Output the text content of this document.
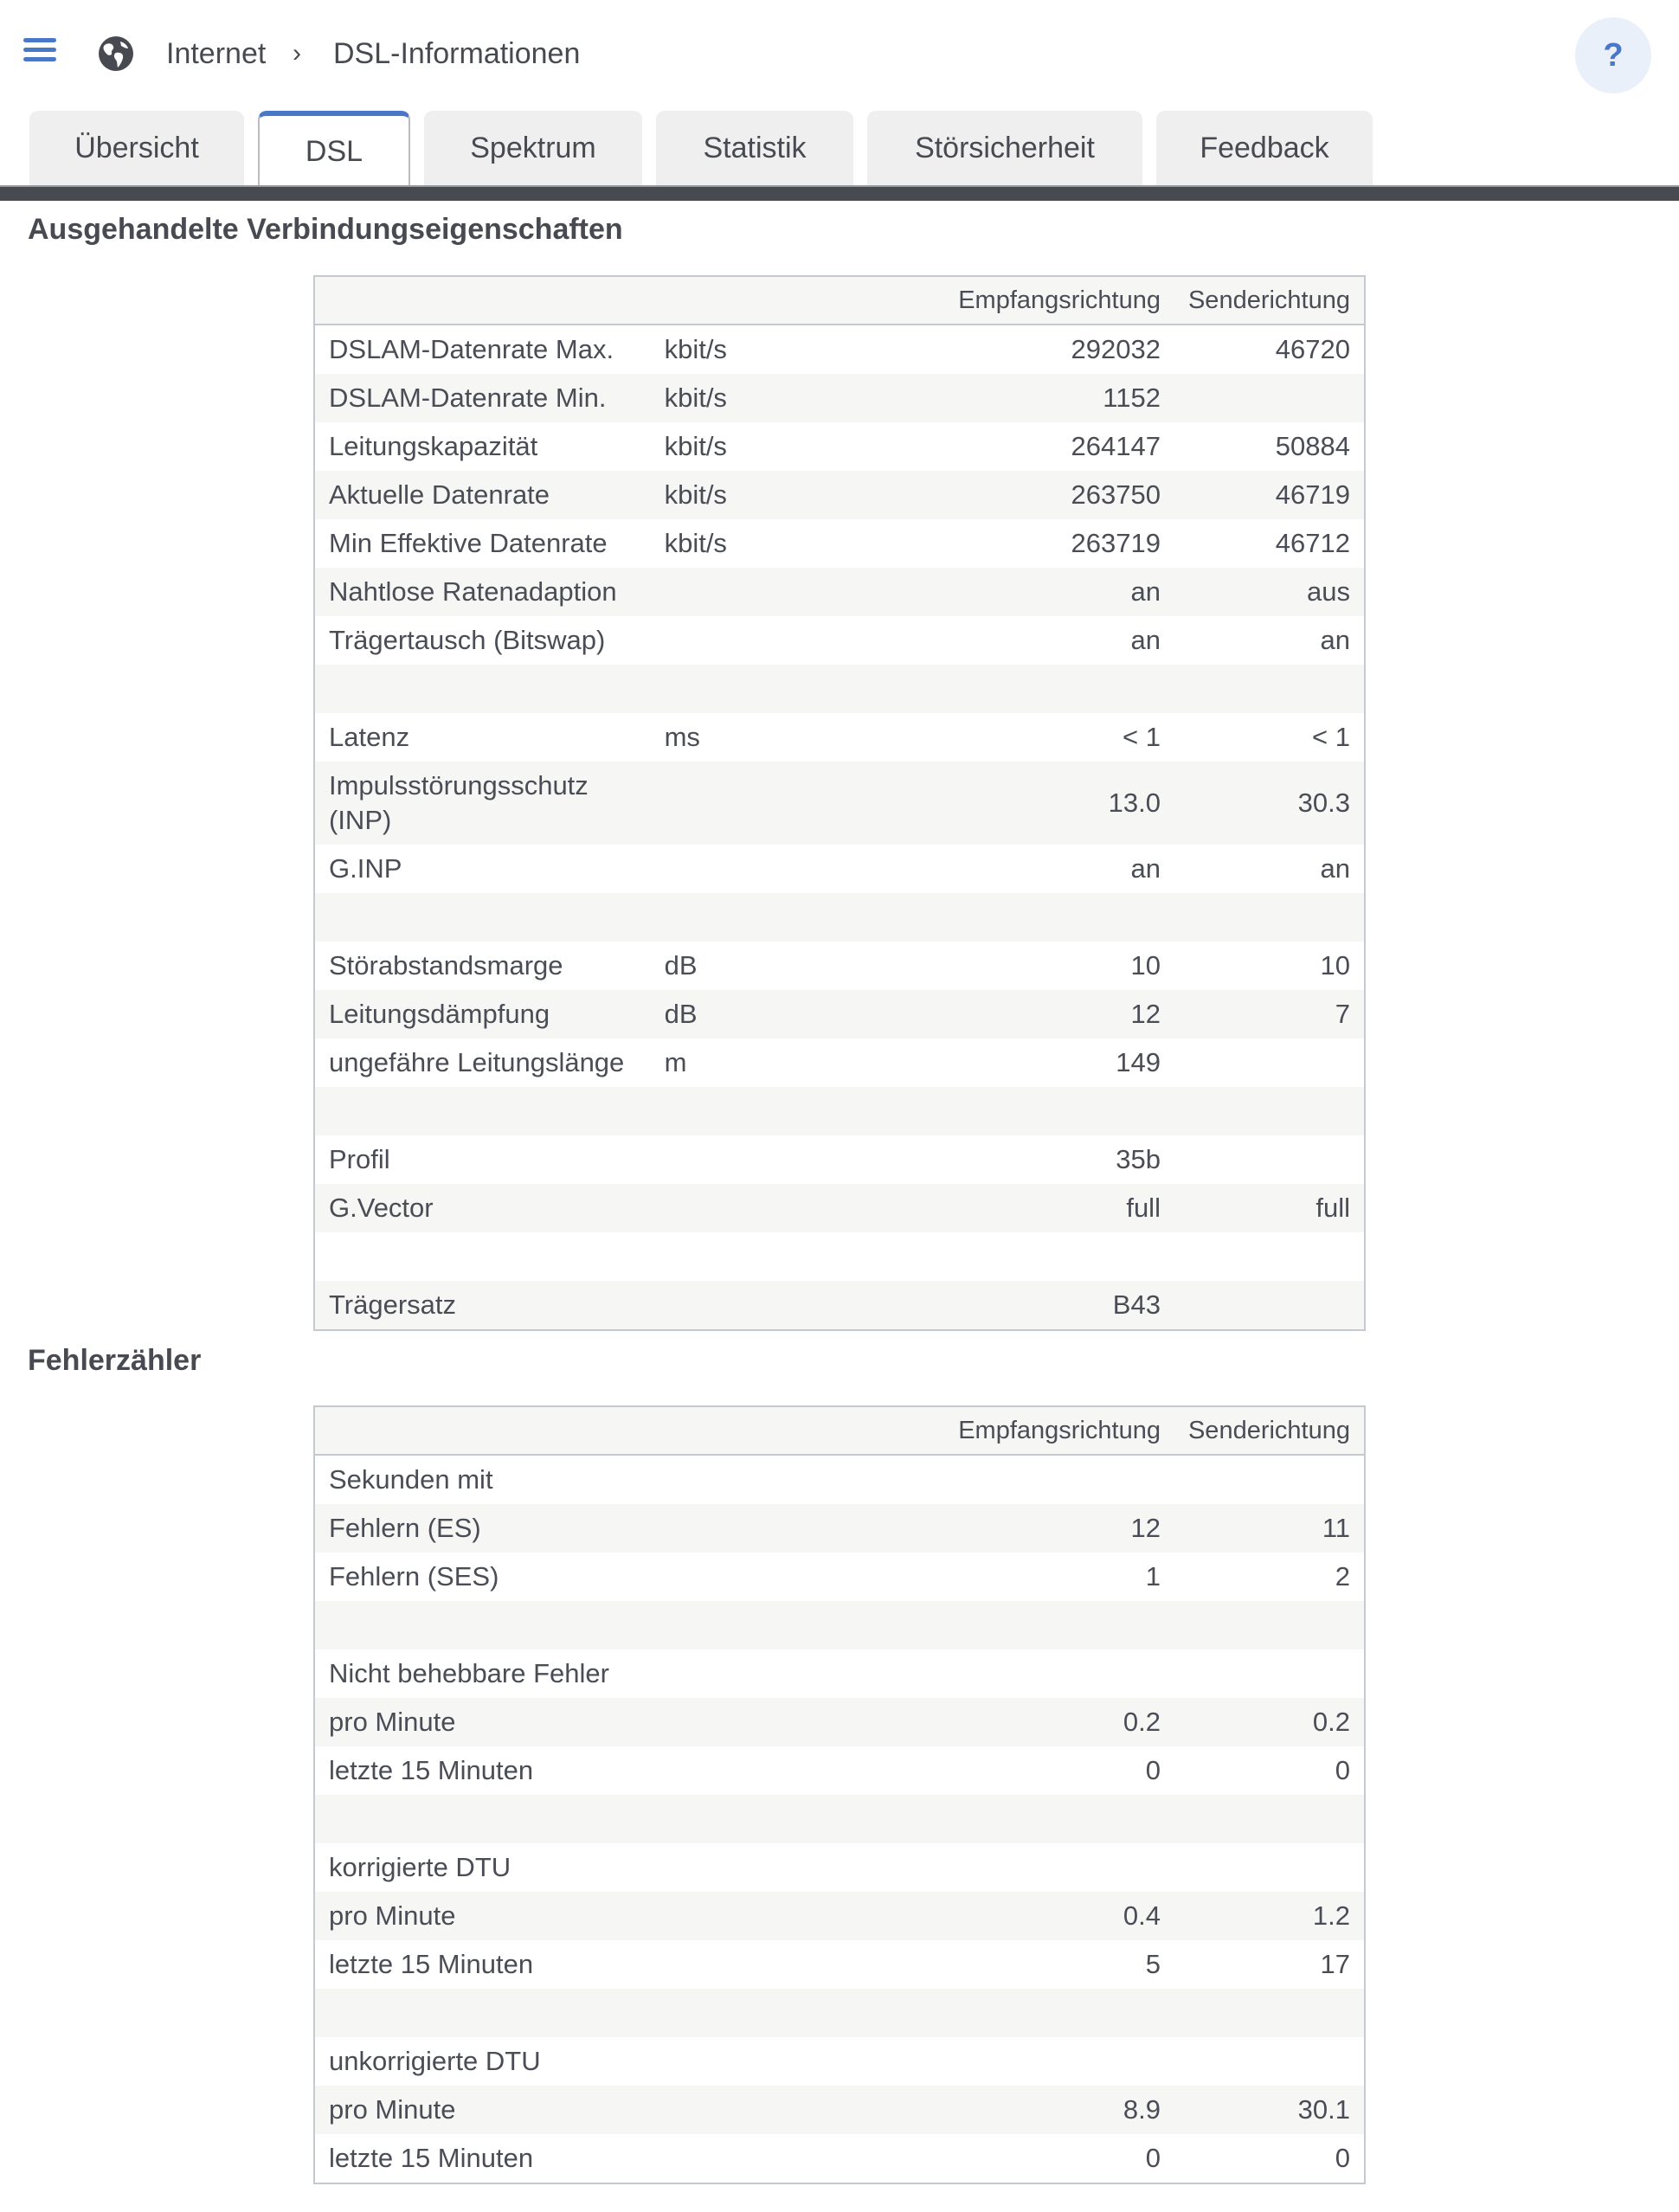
Internet › DSL-Informationen	?
Übersicht	DSL	Spektrum	Statistik	Störsicherheit	Feedback
Ausgehandelte Verbindungseigenschaften
		Empfangsrichtung	Senderichtung
DSLAM-Datenrate Max.	kbit/s	292032	46720
DSLAM-Datenrate Min.	kbit/s	1152	
Leitungskapazität	kbit/s	264147	50884
Aktuelle Datenrate	kbit/s	263750	46719
Min Effektive Datenrate	kbit/s	263719	46712
Nahtlose Ratenadaption		an	aus
Trägertausch (Bitswap)		an	an

Latenz	ms	< 1	< 1
Impulsstörungsschutz (INP)		13.0	30.3
G.INP		an	an

Störabstandsmarge	dB	10	10
Leitungsdämpfung	dB	12	7
ungefähre Leitungslänge	m	149	

Profil		35b	
G.Vector		full	full

Trägersatz		B43	
Fehlerzähler
		Empfangsrichtung	Senderichtung
Sekunden mit			
Fehlern (ES)		12	11
Fehlern (SES)		1	2

Nicht behebbare Fehler			
pro Minute		0.2	0.2
letzte 15 Minuten		0	0

korrigierte DTU			
pro Minute		0.4	1.2
letzte 15 Minuten		5	17

unkorrigierte DTU			
pro Minute		8.9	30.1
letzte 15 Minuten		0	0
